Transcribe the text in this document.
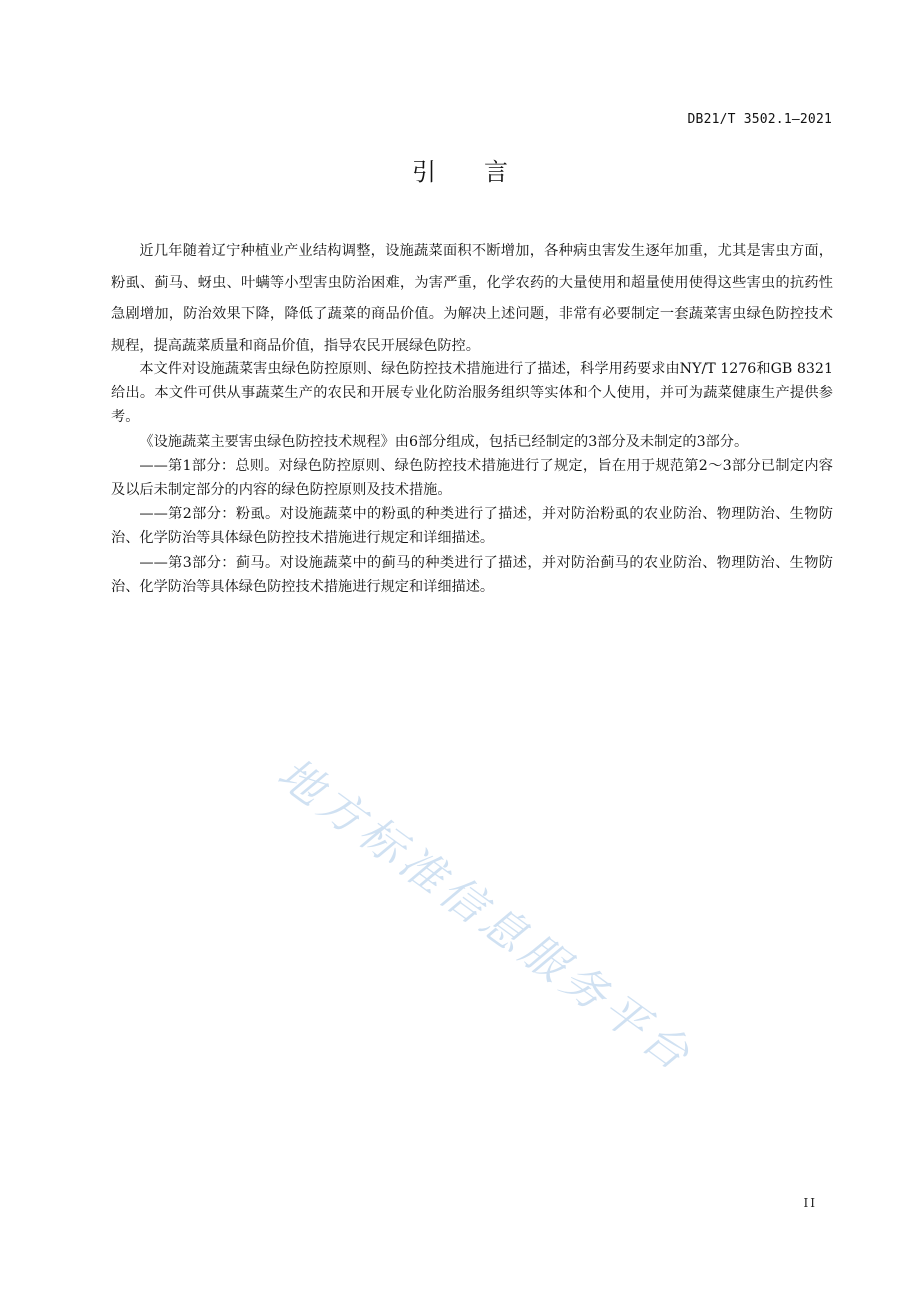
DB21/T 3502.1—2021
引言

近几年随着辽宁种植业产业结构调整，设施蔬菜面积不断增加，各种病虫害发生逐年加重，尤其是害虫方面，粉虱、蓟马、蚜虫、叶螨等小型害虫防治困难，为害严重，化学农药的大量使用和超量使用使得这些害虫的抗药性急剧增加，防治效果下降，降低了蔬菜的商品价值。为解决上述问题，非常有必要制定一套蔬菜害虫绿色防控技术规程，提高蔬菜质量和商品价值，指导农民开展绿色防控。

本文件对设施蔬菜害虫绿色防控原则、绿色防控技术措施进行了描述，科学用药要求由NY/T 1276和GB 8321给出。本文件可供从事蔬菜生产的农民和开展专业化防治服务组织等实体和个人使用，并可为蔬菜健康生产提供参考。

《设施蔬菜主要害虫绿色防控技术规程》由6部分组成，包括已经制定的3部分及未制定的3部分。

——第1部分：总则。对绿色防控原则、绿色防控技术措施进行了规定，旨在用于规范第2～3部分已制定内容及以后未制定部分的内容的绿色防控原则及技术措施。

——第2部分：粉虱。对设施蔬菜中的粉虱的种类进行了描述，并对防治粉虱的农业防治、物理防治、生物防治、化学防治等具体绿色防控技术措施进行规定和详细描述。

——第3部分：蓟马。对设施蔬菜中的蓟马的种类进行了描述，并对防治蓟马的农业防治、物理防治、生物防治、化学防治等具体绿色防控技术措施进行规定和详细描述。

地方标准信息服务平台
II
